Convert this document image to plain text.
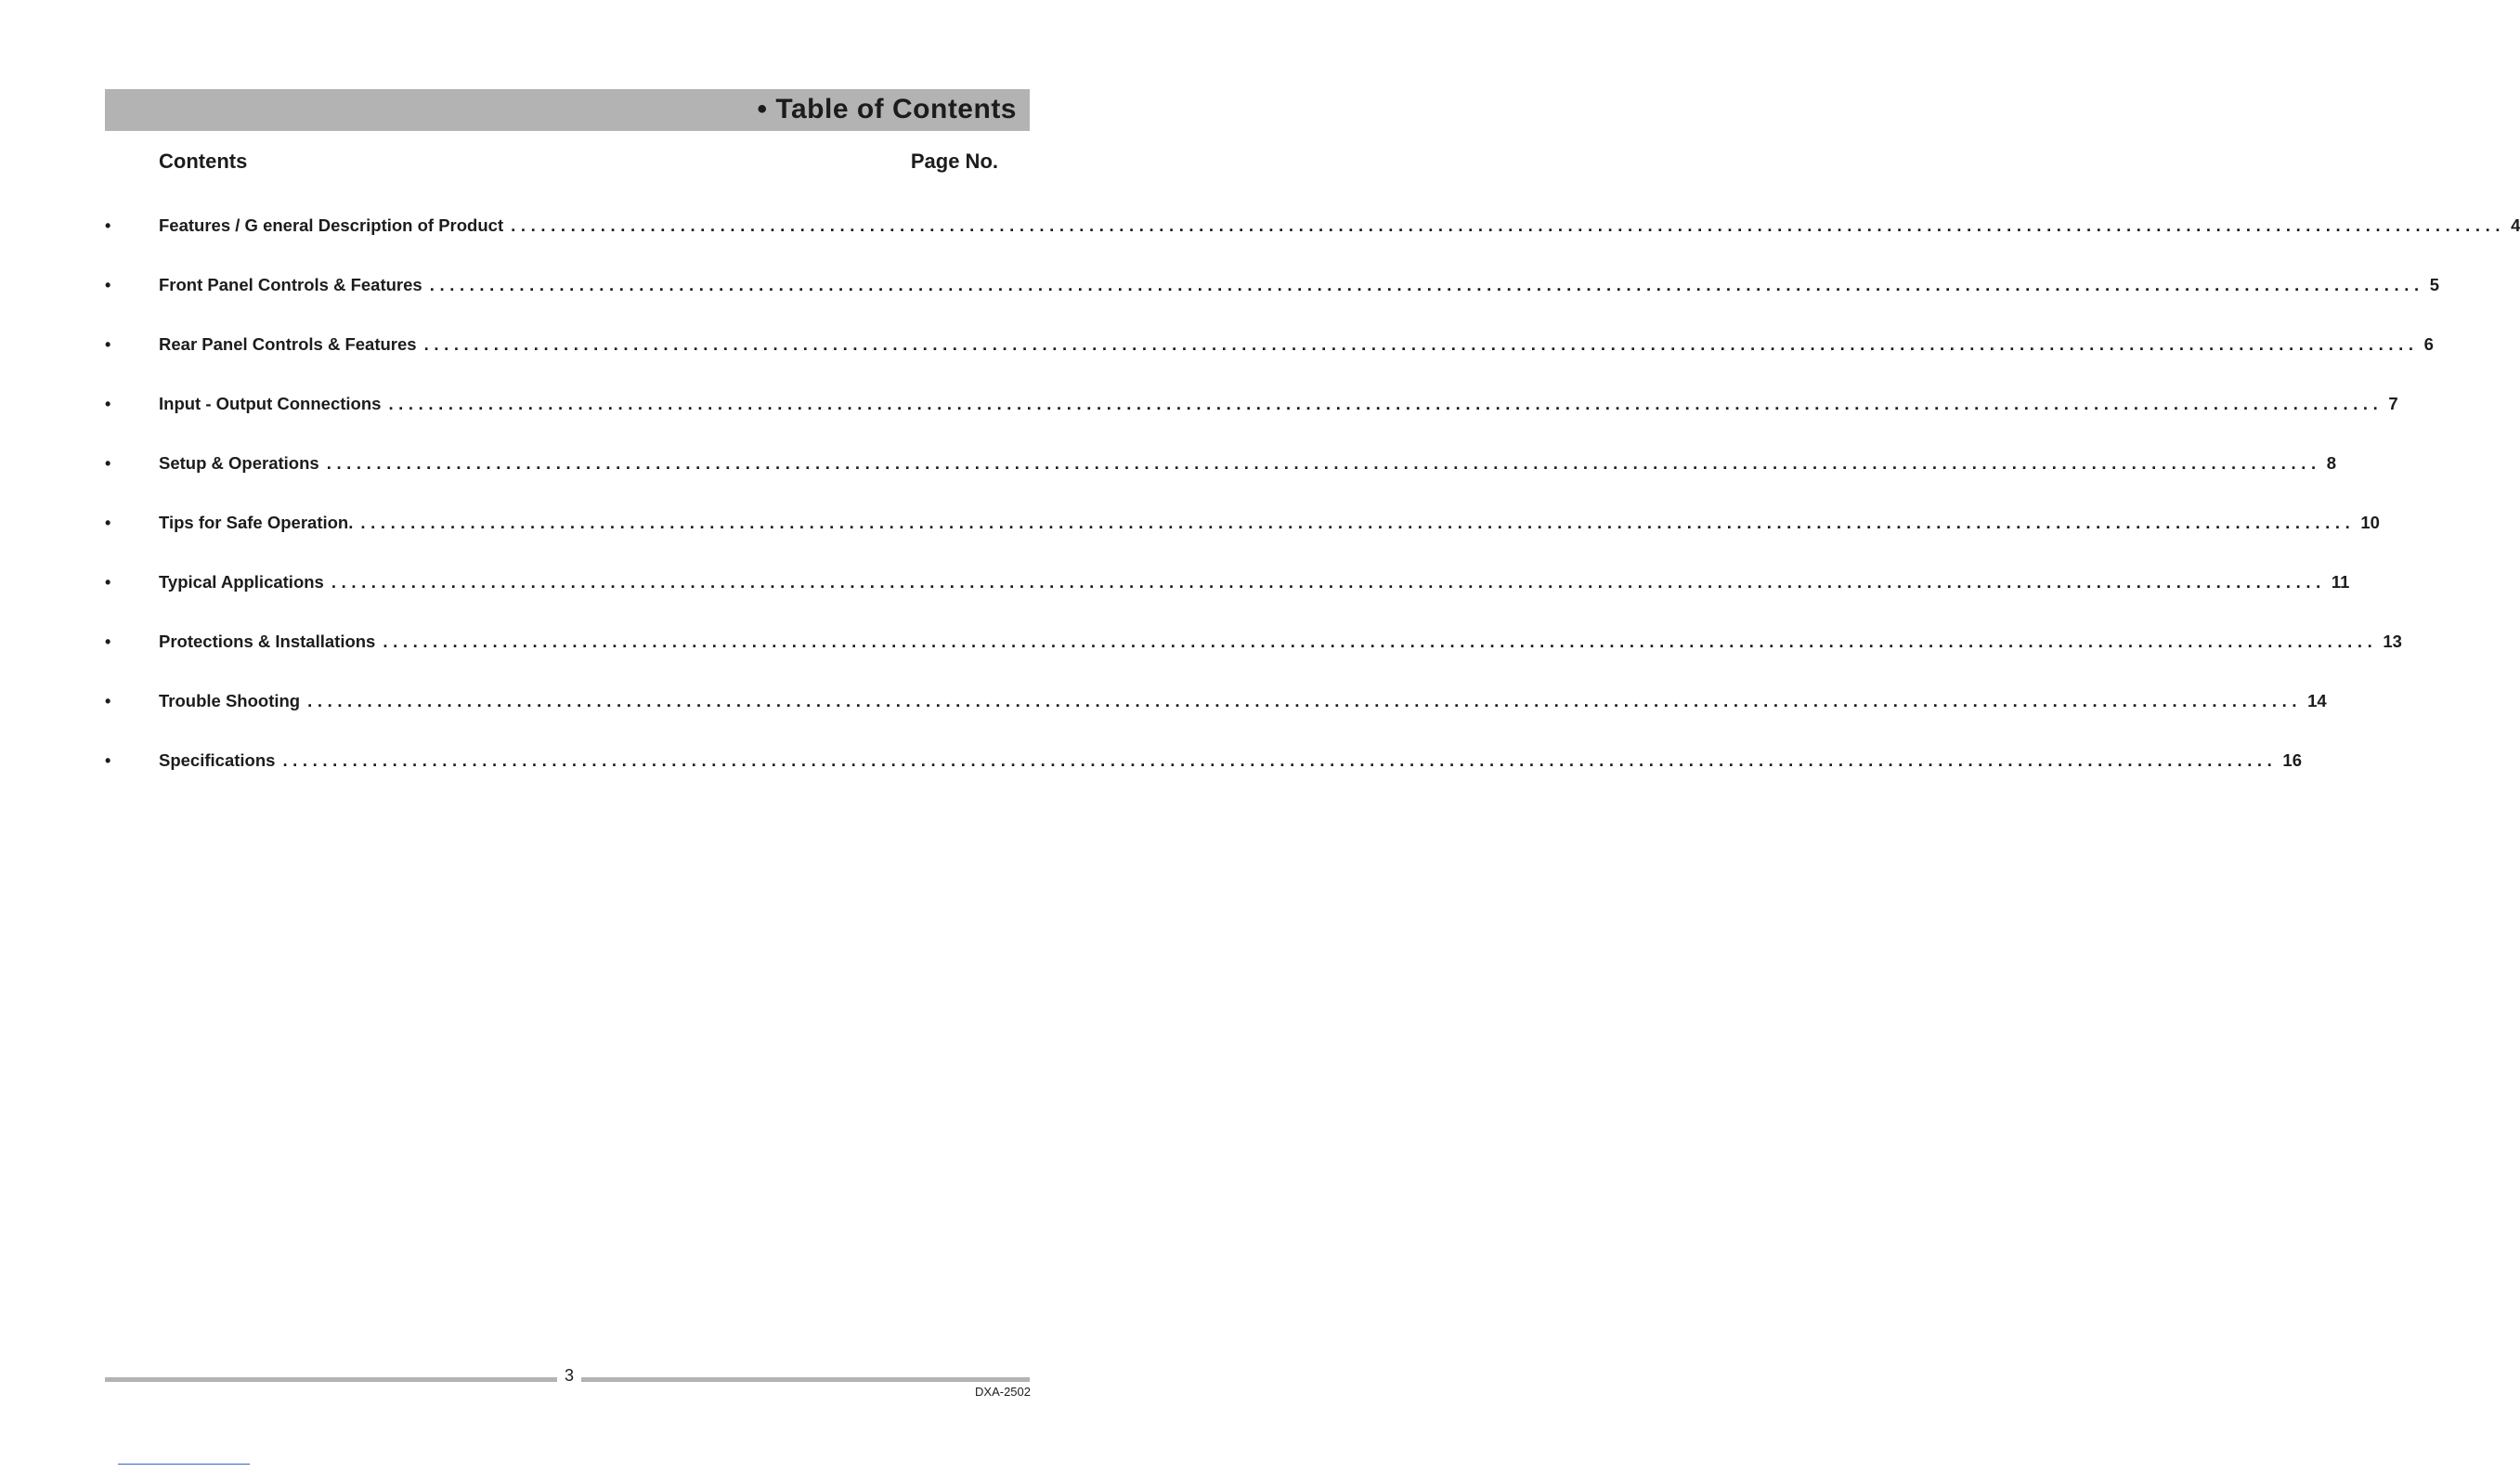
• Table of Contents
Contents	Page No.
•	Features / G eneral Description of Product ........................................................................................................................................................................................................ 4
•	Front Panel Controls & Features ........................................................................................................................................................................................................ 5
•	Rear Panel Controls & Features ........................................................................................................................................................................................................ 6
•	Input - Output Connections ........................................................................................................................................................................................................ 7
•	Setup & Operations ........................................................................................................................................................................................................ 8
•	Tips for Safe Operation. ........................................................................................................................................................................................................ 10
•	Typical Applications ........................................................................................................................................................................................................ 11
•	Protections & Installations ........................................................................................................................................................................................................ 13
•	Trouble Shooting ........................................................................................................................................................................................................ 14
•	Specifications ........................................................................................................................................................................................................ 16
3
DXA-2502
